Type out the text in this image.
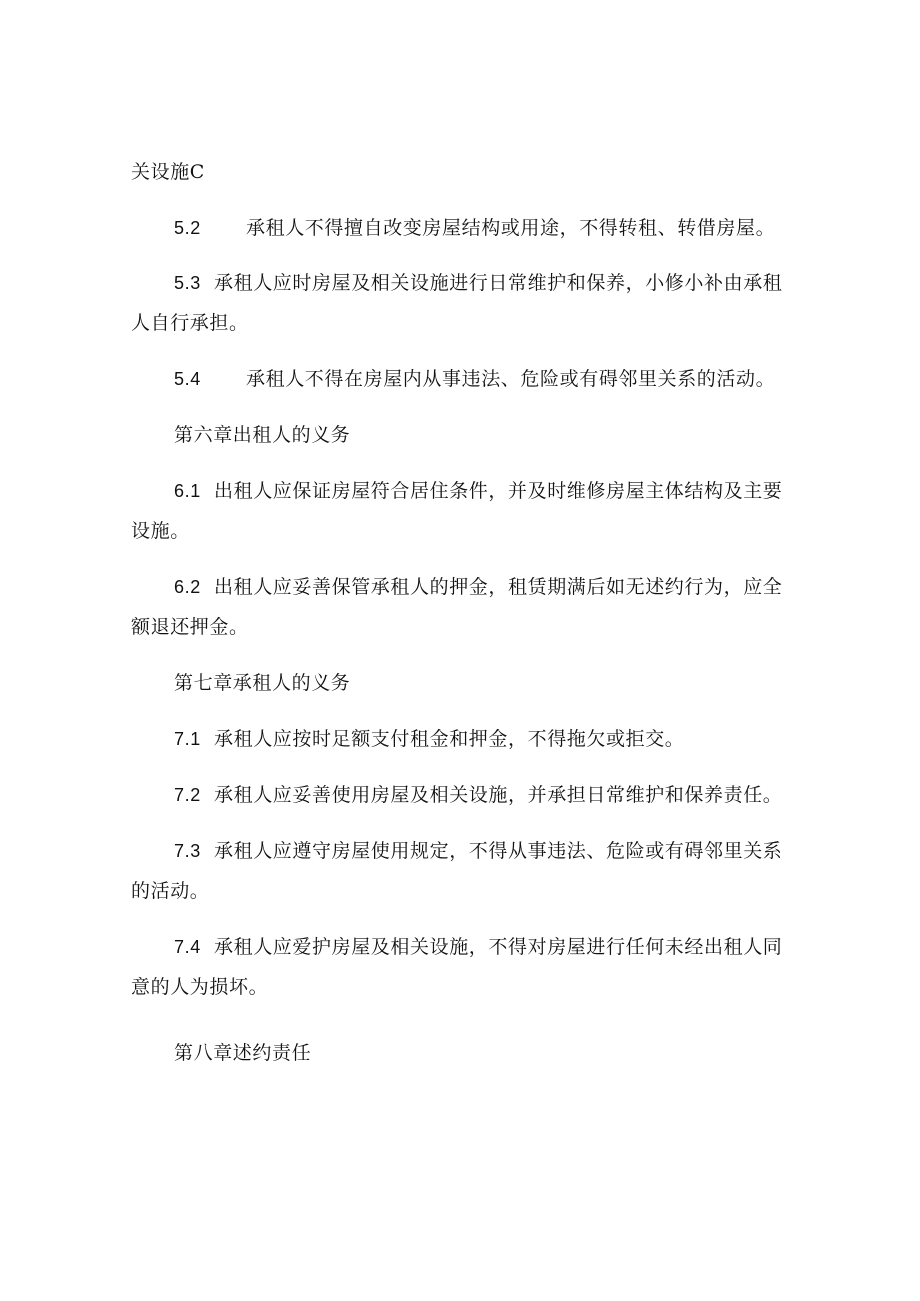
关设施C
5.2 承租人不得擅自改变房屋结构或用途，不得转租、转借房屋。
5.3 承租人应时房屋及相关设施进行日常维护和保养，小修小补由承租
人自行承担。
5.4 承租人不得在房屋内从事违法、危险或有碍邻里关系的活动。
第六章出租人的义务
6.1 出租人应保证房屋符合居住条件，并及时维修房屋主体结构及主要
设施。
6.2 出租人应妥善保管承租人的押金，租赁期满后如无述约行为，应全
额退还押金。
第七章承租人的义务
7.1 承租人应按时足额支付租金和押金，不得拖欠或拒交。
7.2 承租人应妥善使用房屋及相关设施，并承担日常维护和保养责任。
7.3 承租人应遵守房屋使用规定，不得从事违法、危险或有碍邻里关系
的活动。
7.4 承租人应爱护房屋及相关设施，不得对房屋进行任何未经出租人同
意的人为损坏。
第八章述约责任
